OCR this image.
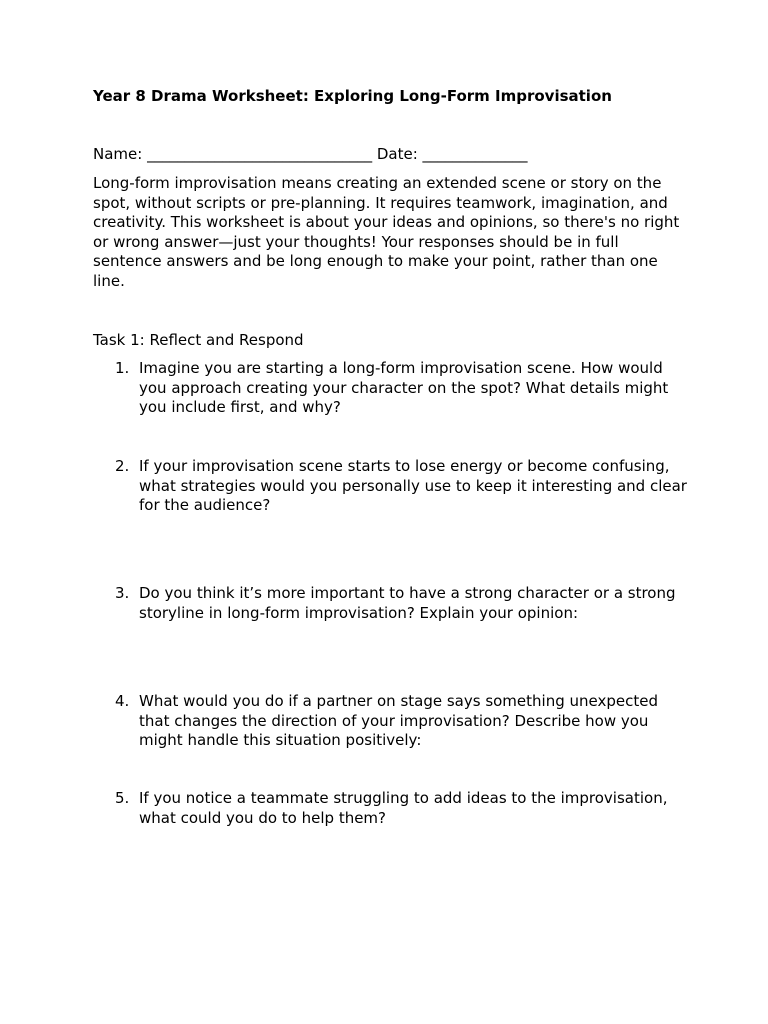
Year 8 Drama Worksheet: Exploring Long-Form Improvisation
Name: ______________________________ Date: ______________

Long-form improvisation means creating an extended scene or story on the spot, without scripts or pre-planning. It requires teamwork, imagination, and creativity. This worksheet is about your ideas and opinions, so there's no right or wrong answer—just your thoughts! Your responses should be in full sentence answers and be long enough to make your point, rather than one line.

Task 1: Reflect and Respond
1. Imagine you are starting a long-form improvisation scene. How would you approach creating your character on the spot? What details might you include first, and why?
2. If your improvisation scene starts to lose energy or become confusing, what strategies would you personally use to keep it interesting and clear for the audience?
3. Do you think it’s more important to have a strong character or a strong storyline in long-form improvisation? Explain your opinion:
4. What would you do if a partner on stage says something unexpected that changes the direction of your improvisation? Describe how you might handle this situation positively:
5. If you notice a teammate struggling to add ideas to the improvisation, what could you do to help them?
